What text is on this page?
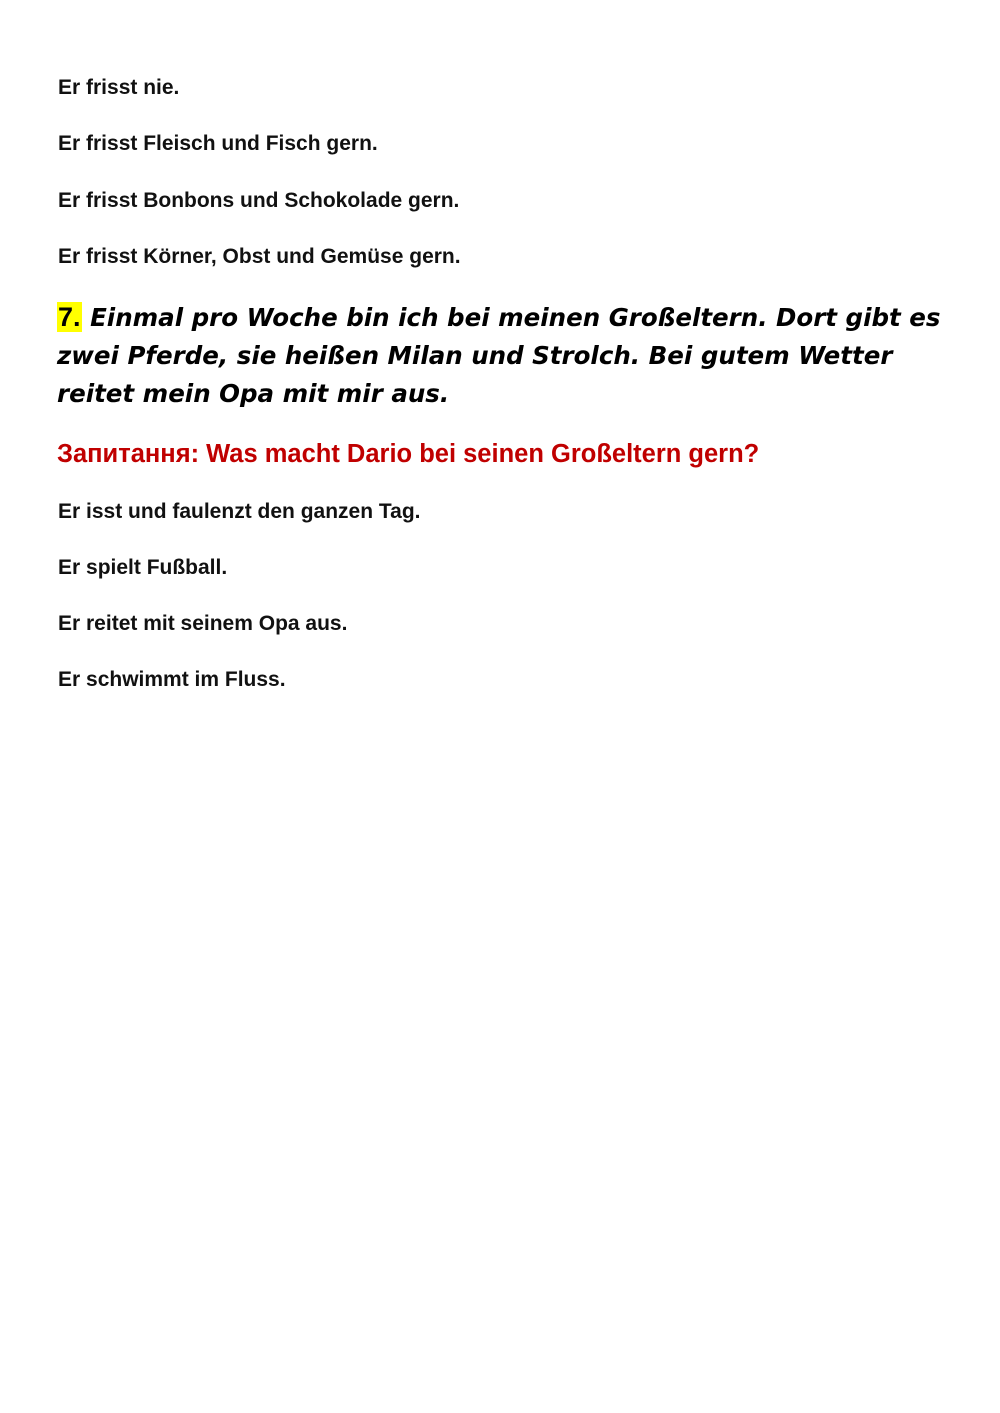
Er frisst nie.
Er frisst Fleisch und Fisch gern.
Er frisst Bonbons und Schokolade gern.
Er frisst Körner, Obst und Gemüse gern.
7. Einmal pro Woche bin ich bei meinen Großeltern. Dort gibt es zwei Pferde, sie heißen Milan und Strolch. Bei gutem Wetter reitet mein Opa mit mir aus.
Запитання: Was macht Dario bei seinen Großeltern gern?
Er isst und faulenzt den ganzen Tag.
Er spielt Fußball.
Er reitet mit seinem Opa aus.
Er schwimmt im Fluss.
